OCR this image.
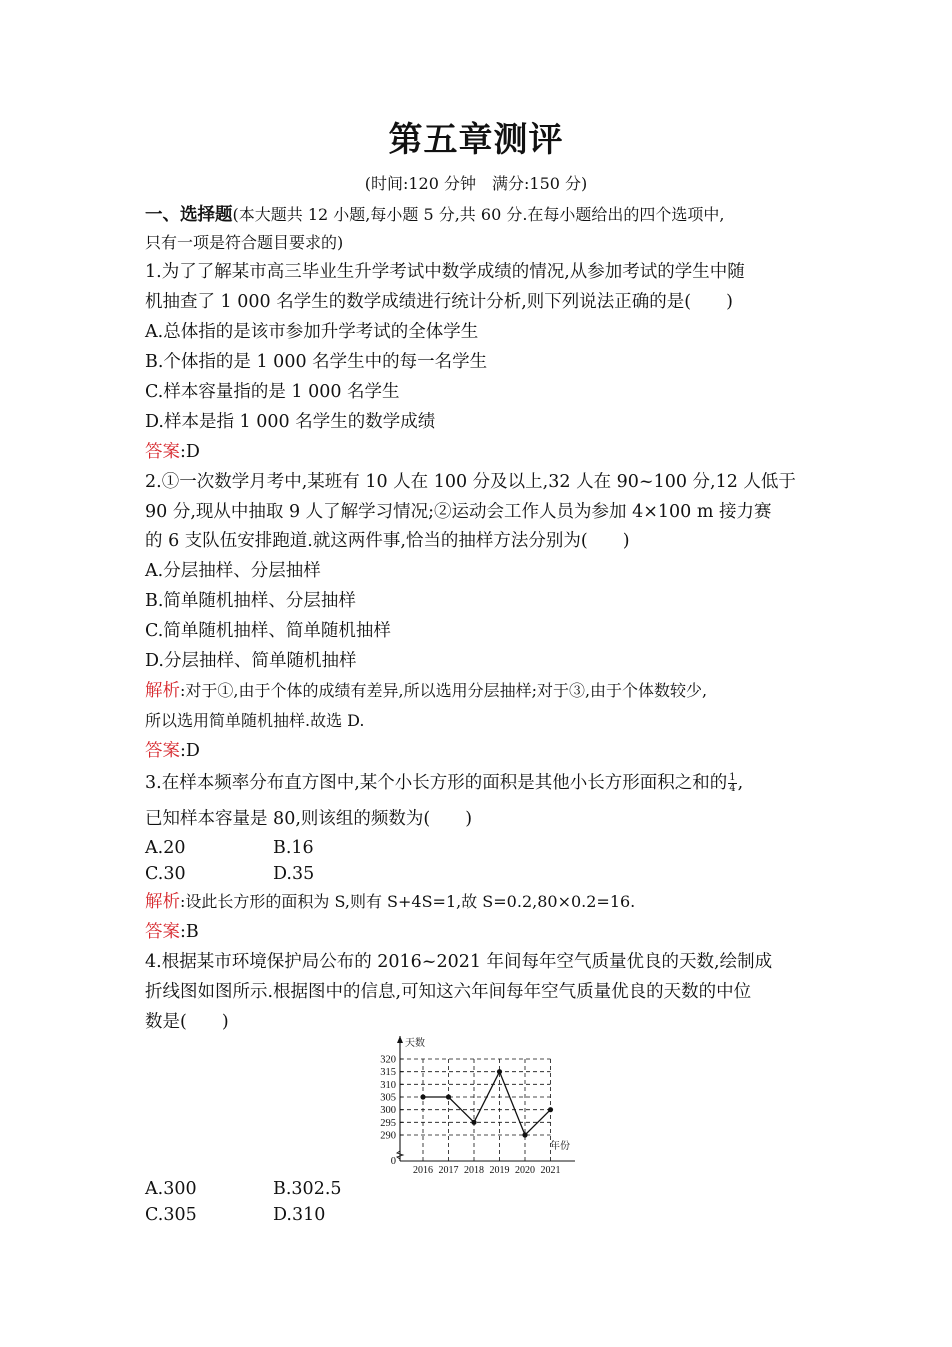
第五章测评
(时间:120 分钟　满分:150 分)
一、选择题(本大题共 12 小题,每小题 5 分,共 60 分.在每小题给出的四个选项中,
只有一项是符合题目要求的)
1.为了了解某市高三毕业生升学考试中数学成绩的情况,从参加考试的学生中随
机抽查了 1 000 名学生的数学成绩进行统计分析,则下列说法正确的是(　　)
A.总体指的是该市参加升学考试的全体学生
B.个体指的是 1 000 名学生中的每一名学生
C.样本容量指的是 1 000 名学生
D.样本是指 1 000 名学生的数学成绩
答案:D
2.①一次数学月考中,某班有 10 人在 100 分及以上,32 人在 90~100 分,12 人低于
90 分,现从中抽取 9 人了解学习情况;②运动会工作人员为参加 4×100 m 接力赛
的 6 支队伍安排跑道.就这两件事,恰当的抽样方法分别为(　　)
A.分层抽样、分层抽样
B.简单随机抽样、分层抽样
C.简单随机抽样、简单随机抽样
D.分层抽样、简单随机抽样
解析:对于①,由于个体的成绩有差异,所以选用分层抽样;对于③,由于个体数较少,
所以选用简单随机抽样.故选 D.
答案:D
3.在样本频率分布直方图中,某个小长方形的面积是其他小长方形面积之和的 $\frac{1}{4}$ ,
已知样本容量是 80,则该组的频数为(　　)
A.20	B.16
C.30	D.35
解析:设此长方形的面积为 S,则有 S+4S=1,故 S=0.2,80×0.2=16.
答案:B
4.根据某市环境保护局公布的 2016~2021 年间每年空气质量优良的天数,绘制成
折线图如图所示.根据图中的信息,可知这六年间每年空气质量优良的天数的中位
数是(　　)
天数
年份
0
290
295
300
305
310
315
320
2016 2017 2018 2019 2020 2021
A.300	B.302.5
C.305	D.310
